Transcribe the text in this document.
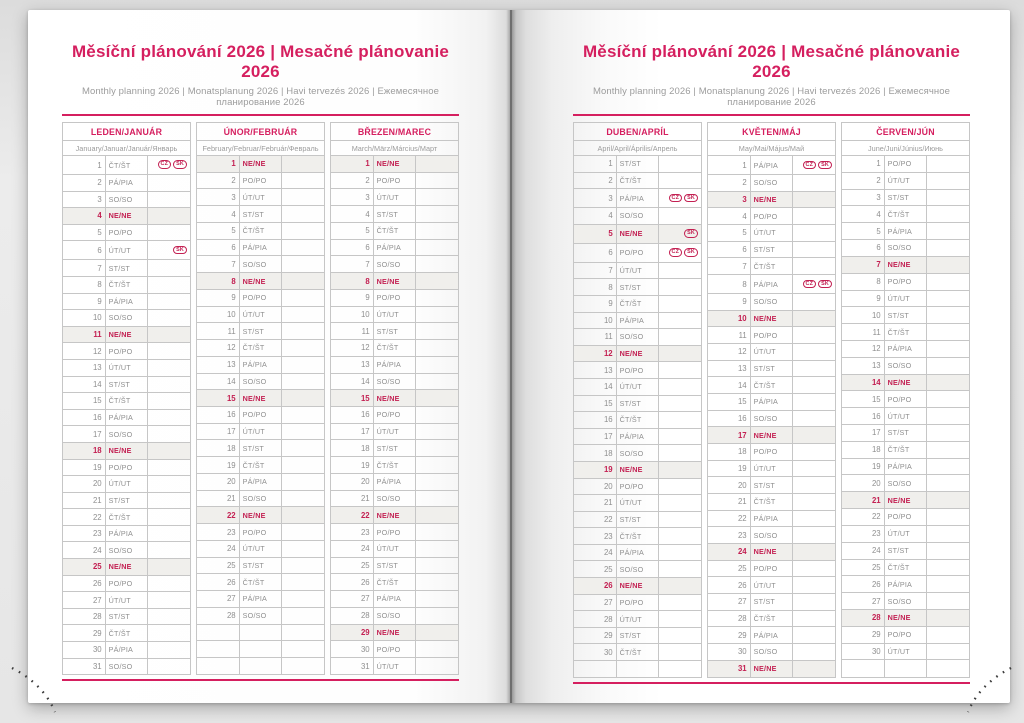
Měsíční plánování 2026 | Mesačné plánovanie 2026
Monthly planning 2026 | Monatsplanung 2026 | Havi tervezés 2026 | Ежемесячное планирование 2026
LEDEN/JANUÁR		
January/Januar/Január/Январь		
1	ČT/ŠT	CZ SK
2	PÁ/PIA	
3	SO/SO	
4	NE/NE	
5	PO/PO	
6	ÚT/UT	SK
7	ST/ST	
8	ČT/ŠT	
9	PÁ/PIA	
10	SO/SO	
11	NE/NE	
12	PO/PO	
13	ÚT/UT	
14	ST/ST	
15	ČT/ŠT	
16	PÁ/PIA	
17	SO/SO	
18	NE/NE	
19	PO/PO	
20	ÚT/UT	
21	ST/ST	
22	ČT/ŠT	
23	PÁ/PIA	
24	SO/SO	
25	NE/NE	
26	PO/PO	
27	ÚT/UT	
28	ST/ST	
29	ČT/ŠT	
30	PÁ/PIA	
31	SO/SO	
ÚNOR/FEBRUÁR		
February/Februar/Február/Февраль		
1	NE/NE	
2	PO/PO	
3	ÚT/UT	
4	ST/ST	
5	ČT/ŠT	
6	PÁ/PIA	
7	SO/SO	
8	NE/NE	
9	PO/PO	
10	ÚT/UT	
11	ST/ST	
12	ČT/ŠT	
13	PÁ/PIA	
14	SO/SO	
15	NE/NE	
16	PO/PO	
17	ÚT/UT	
18	ST/ST	
19	ČT/ŠT	
20	PÁ/PIA	
21	SO/SO	
22	NE/NE	
23	PO/PO	
24	ÚT/UT	
25	ST/ST	
26	ČT/ŠT	
27	PÁ/PIA	
28	SO/SO	

BŘEZEN/MAREC		
March/März/Március/Март		
1	NE/NE	
2	PO/PO	
3	ÚT/UT	
4	ST/ST	
5	ČT/ŠT	
6	PÁ/PIA	
7	SO/SO	
8	NE/NE	
9	PO/PO	
10	ÚT/UT	
11	ST/ST	
12	ČT/ŠT	
13	PÁ/PIA	
14	SO/SO	
15	NE/NE	
16	PO/PO	
17	ÚT/UT	
18	ST/ST	
19	ČT/ŠT	
20	PÁ/PIA	
21	SO/SO	
22	NE/NE	
23	PO/PO	
24	ÚT/UT	
25	ST/ST	
26	ČT/ŠT	
27	PÁ/PIA	
28	SO/SO	
29	NE/NE	
30	PO/PO	
31	ÚT/UT	
Měsíční plánování 2026 | Mesačné plánovanie 2026
Monthly planning 2026 | Monatsplanung 2026 | Havi tervezés 2026 | Ежемесячное планирование 2026
DUBEN/APRÍL		
April/April/Április/Апрель		
1	ST/ST	
2	ČT/ŠT	
3	PÁ/PIA	CZ SK
4	SO/SO	
5	NE/NE	SK
6	PO/PO	CZ SK
7	ÚT/UT	
8	ST/ST	
9	ČT/ŠT	
10	PÁ/PIA	
11	SO/SO	
12	NE/NE	
13	PO/PO	
14	ÚT/UT	
15	ST/ST	
16	ČT/ŠT	
17	PÁ/PIA	
18	SO/SO	
19	NE/NE	
20	PO/PO	
21	ÚT/UT	
22	ST/ST	
23	ČT/ŠT	
24	PÁ/PIA	
25	SO/SO	
26	NE/NE	
27	PO/PO	
28	ÚT/UT	
29	ST/ST	
30	ČT/ŠT	

KVĚTEN/MÁJ		
May/Mai/Május/Май		
1	PÁ/PIA	CZ SK
2	SO/SO	
3	NE/NE	
4	PO/PO	
5	ÚT/UT	
6	ST/ST	
7	ČT/ŠT	
8	PÁ/PIA	CZ SK
9	SO/SO	
10	NE/NE	
11	PO/PO	
12	ÚT/UT	
13	ST/ST	
14	ČT/ŠT	
15	PÁ/PIA	
16	SO/SO	
17	NE/NE	
18	PO/PO	
19	ÚT/UT	
20	ST/ST	
21	ČT/ŠT	
22	PÁ/PIA	
23	SO/SO	
24	NE/NE	
25	PO/PO	
26	ÚT/UT	
27	ST/ST	
28	ČT/ŠT	
29	PÁ/PIA	
30	SO/SO	
31	NE/NE	
ČERVEN/JÚN		
June/Juni/Június/Июнь		
1	PO/PO	
2	ÚT/UT	
3	ST/ST	
4	ČT/ŠT	
5	PÁ/PIA	
6	SO/SO	
7	NE/NE	
8	PO/PO	
9	ÚT/UT	
10	ST/ST	
11	ČT/ŠT	
12	PÁ/PIA	
13	SO/SO	
14	NE/NE	
15	PO/PO	
16	ÚT/UT	
17	ST/ST	
18	ČT/ŠT	
19	PÁ/PIA	
20	SO/SO	
21	NE/NE	
22	PO/PO	
23	ÚT/UT	
24	ST/ST	
25	ČT/ŠT	
26	PÁ/PIA	
27	SO/SO	
28	NE/NE	
29	PO/PO	
30	ÚT/UT	
